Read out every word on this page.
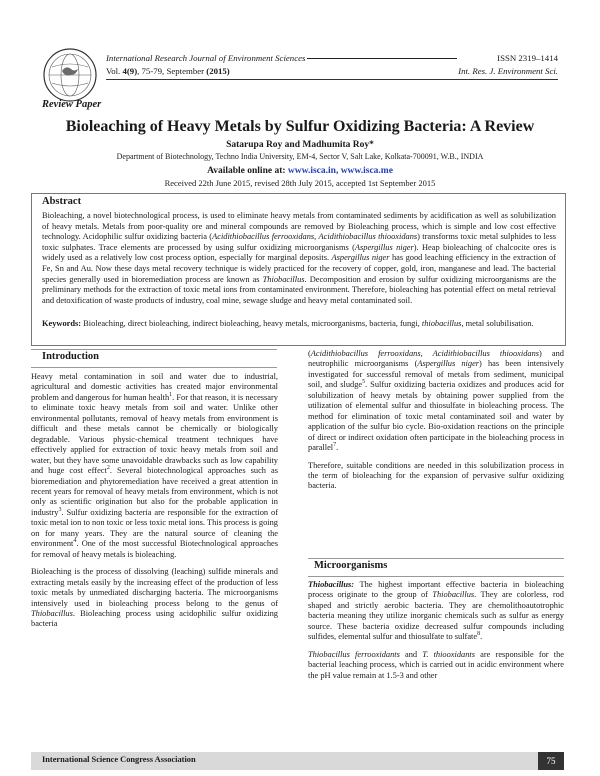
International Research Journal of Environment Sciences	ISSN 2319–1414
Vol. 4(9), 75-79, September (2015)	Int. Res. J. Environment Sci.
Review Paper
Bioleaching of Heavy Metals by Sulfur Oxidizing Bacteria: A Review
Satarupa Roy and Madhumita Roy*
Department of Biotechnology, Techno India University, EM-4, Sector V, Salt Lake, Kolkata-700091, W.B., INDIA
Available online at: www.isca.in, www.isca.me
Received 22th June 2015, revised 28th July 2015, accepted 1st September 2015
Abstract
Bioleaching, a novel biotechnological process, is used to eliminate heavy metals from contaminated sediments by acidification as well as solubilization of heavy metals. Metals from poor-quality ore and mineral compounds are removed by Bioleaching process, which is simple and low cost effective technology. Acidophilic sulfur oxidizing bacteria (Acidithiobacillus ferrooxidans, Acidithiobacillus thiooxidans) transforms toxic metal sulphides to less toxic sulphates. Trace elements are processed by using sulfur oxidizing microorganisms (Aspergillus niger). Heap bioleaching of chalcocite ores is widely used as a relatively low cost process option, especially for marginal deposits. Aspergillus niger has good leaching efficiency in the extraction of Fe, Sn and Au. Now these days metal recovery technique is widely practiced for the recovery of copper, gold, iron, manganese and lead. The bacterial species generally used in bioremediation process are known as Thiobacillus. Decomposition and erosion by sulfur oxidizing microorganisms are the preliminary methods for the extraction of toxic metal ions from contaminated environment. Therefore, bioleaching has potential effect on metal retrieval and detoxification of waste products of industry, coal mine, sewage sludge and heavy metal contaminated soil.
Keywords: Bioleaching, direct bioleaching, indirect bioleaching, heavy metals, microorganisms, bacteria, fungi, thiobacillus, metal solubilisation.
Introduction

Heavy metal contamination in soil and water due to industrial, agricultural and domestic activities has created major environmental problem and dangerous for human health$^1$. For that reason, it is necessary to eliminate toxic heavy metals from soil and water. Unlike other environmental pollutants, removal of heavy metals from environment is difficult and these metals cannot be chemically or biologically degradable. Various physic-chemical treatment techniques have effectively applied for extraction of toxic heavy metals from soil and water, but they have some unavoidable drawbacks such as low capability and huge cost effect$^2$. Several biotechnological approaches such as bioremediation and phytoremediation have received a great attention in recent years for removal of heavy metals from environment, which is not only as scientific origination but also for the probable application in industry$^3$. Sulfur oxidizing bacteria are responsible for the extraction of toxic metal ion to non toxic or less toxic metal ions. This process is going on for many years. They are the natural source of cleaning the environment$^4$. One of the most successful Biotechnological approaches for removal of heavy metals is bioleaching.

Bioleaching is the process of dissolving (leaching) sulfide minerals and extracting metals easily by the increasing effect of the production of less toxic metals by unmediated discharging bacteria. The microorganisms intensively used in bioleaching process belong to the genus of Thiobacillus. Bioleaching process using acidophilic sulfur oxidizing bacteria

(Acidithiobacillus ferrooxidans, Acidithiobacillus thiooxidans) and neutrophilic microorganisms (Aspergillus niger) has been intensively investigated for successful removal of metals from sediment, municipal soil, and sludge$^5$. Sulfur oxidizing bacteria oxidizes and produces acid for solubilization of heavy metals by obtaining power supplied from the utilization of elemental sulfur and thiosulfate in bioleaching process. The method for elimination of toxic metal contaminated soil and water by application of the sulfur bio cycle. Bio-oxidation reactions on the principle of direct or indirect oxidation often participate in the bioleaching process in parallel$^7$.

Therefore, suitable conditions are needed in this solubilization process in the term of bioleaching for the expansion of pervasive sulfur oxidizing bacteria.

Microorganisms

Thiobacillus: The highest important effective bacteria in bioleaching process originate to the group of Thiobacillus. They are colorless, rod shaped and strictly aerobic bacteria. They are chemolithoautotrophic bacteria meaning they utilize inorganic chemicals such as sulfur as energy source. These bacteria oxidize decreased sulfur compounds including sulfides, elemental sulfur and thiosulfate to sulfate$^8$.

Thiobacillus ferrooxidants and T. thiooxidants are responsible for the bacterial leaching process, which is carried out in acidic environment where the pH value remain at 1.5-3 and other

International Science Congress Association	75
